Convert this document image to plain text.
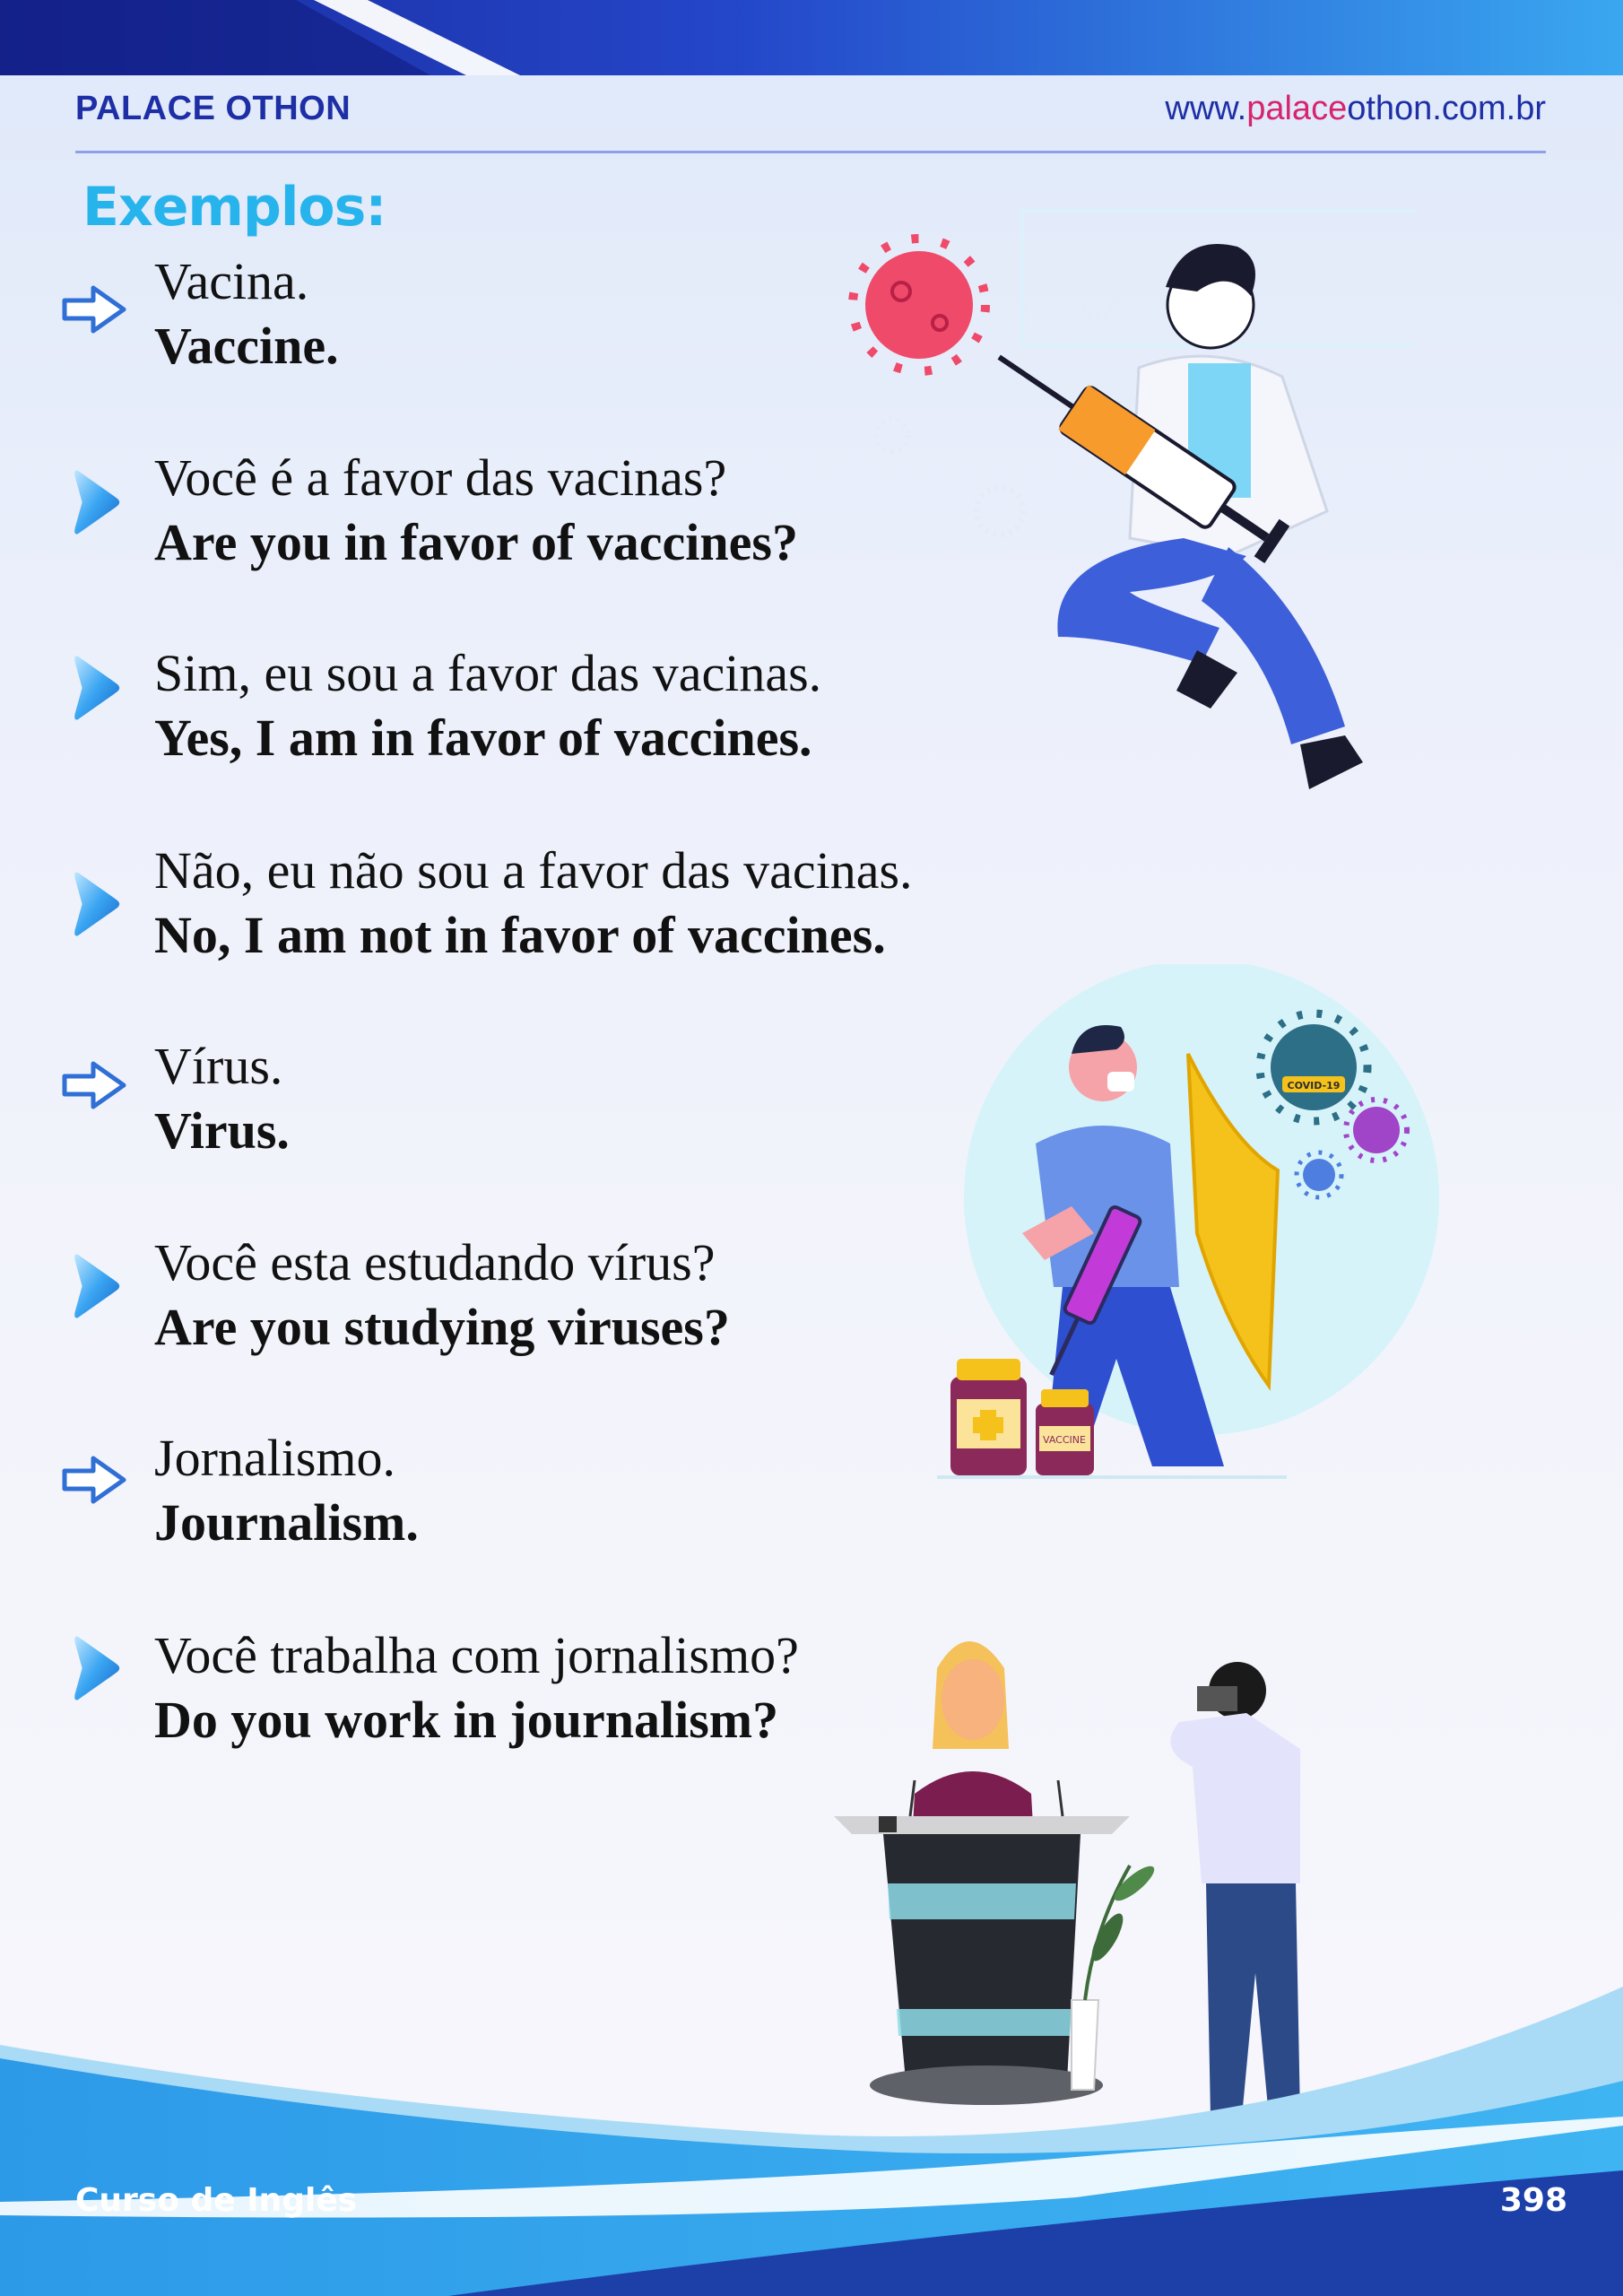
PALACE OTHON	www.palaceothon.com.br
Exemplos:
Vacina.
Vaccine.
Você é a favor das vacinas?
Are you in favor of vaccines?
Sim, eu sou a favor das vacinas.
Yes, I am in favor of vaccines.
Não, eu não sou a favor das vacinas.
No, I am not in favor of vaccines.
Vírus.
Virus.
Você esta estudando vírus?
Are you studying viruses?
Jornalismo.
Journalism.
Você trabalha com jornalismo?
Do you work in journalism?
COVID-19
VACCINE
Curso de Inglês	398
